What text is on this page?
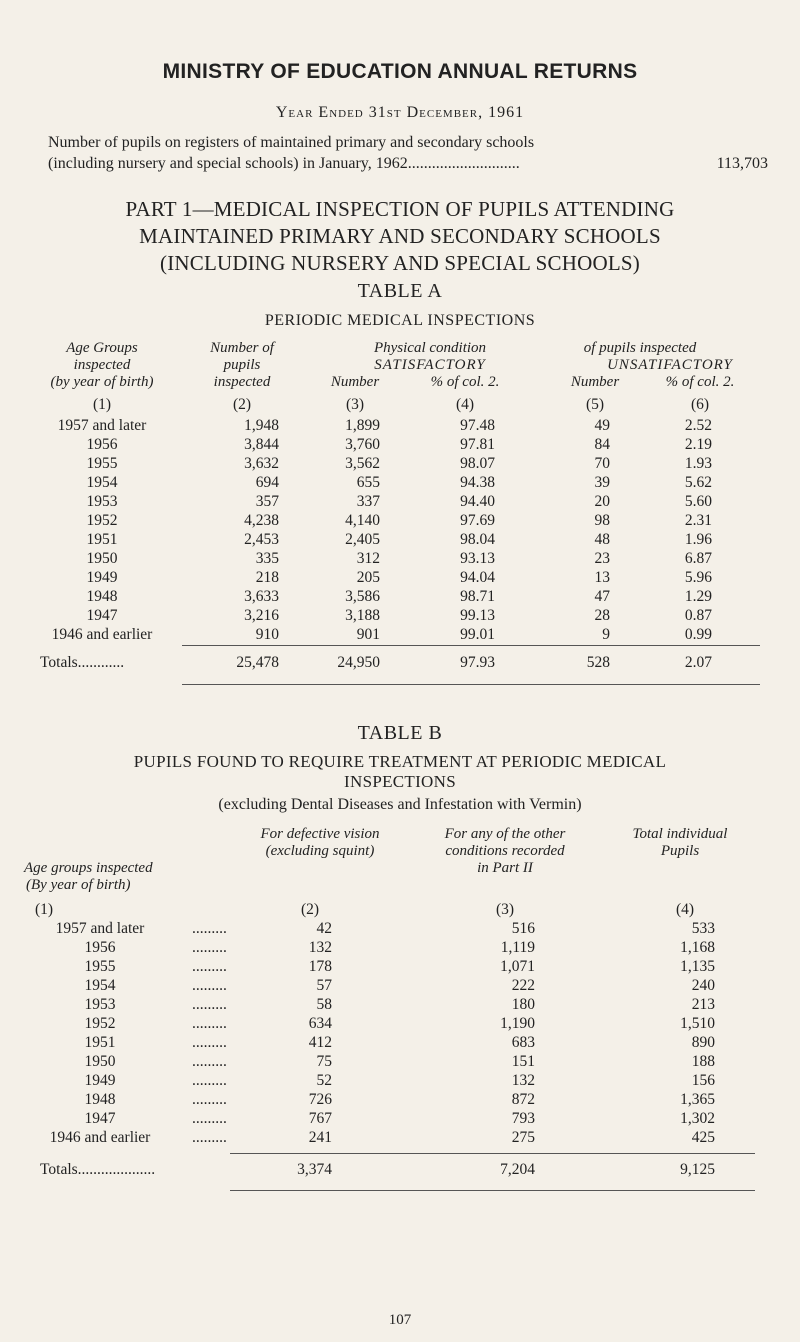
MINISTRY OF EDUCATION ANNUAL RETURNS
Year Ended 31st December, 1961
Number of pupils on registers of maintained primary and secondary schools
(including nursery and special schools) in January, 1962............................	113,703
PART 1—MEDICAL INSPECTION OF PUPILS ATTENDING
MAINTAINED PRIMARY AND SECONDARY SCHOOLS
(INCLUDING NURSERY AND SPECIAL SCHOOLS)
TABLE A
PERIODIC MEDICAL INSPECTIONS
Age Groups
inspected
(by year of birth)
Number of
pupils
inspected
Physical condition	of pupils inspected
SATISFACTORY	UNSATIFACTORY
Number	% of col. 2.	Number	% of col. 2.
(1)	(2)	(3)	(4)	(5)	(6)
1957 and later	1,948	1,899	97.48	49	2.52
1956	3,844	3,760	97.81	84	2.19
1955	3,632	3,562	98.07	70	1.93
1954	694	655	94.38	39	5.62
1953	357	337	94.40	20	5.60
1952	4,238	4,140	97.69	98	2.31
1951	2,453	2,405	98.04	48	1.96
1950	335	312	93.13	23	6.87
1949	218	205	94.04	13	5.96
1948	3,633	3,586	98.71	47	1.29
1947	3,216	3,188	99.13	28	0.87
1946 and earlier	910	901	99.01	9	0.99
Totals............	25,478	24,950	97.93	528	2.07
TABLE B
PUPILS FOUND TO REQUIRE TREATMENT AT PERIODIC MEDICAL
INSPECTIONS
(excluding Dental Diseases and Infestation with Vermin)
For defective vision
(excluding squint)
For any of the other
conditions recorded
in Part II
Total individual
Pupils
Age groups inspected
(By year of birth)
(1)	(2)	(3)	(4)
1957 and later	.........	42	516	533
1956	.........	132	1,119	1,168
1955	.........	178	1,071	1,135
1954	.........	57	222	240
1953	.........	58	180	213
1952	.........	634	1,190	1,510
1951	.........	412	683	890
1950	.........	75	151	188
1949	.........	52	132	156
1948	.........	726	872	1,365
1947	.........	767	793	1,302
1946 and earlier	.........	241	275	425
Totals....................	3,374	7,204	9,125
107
